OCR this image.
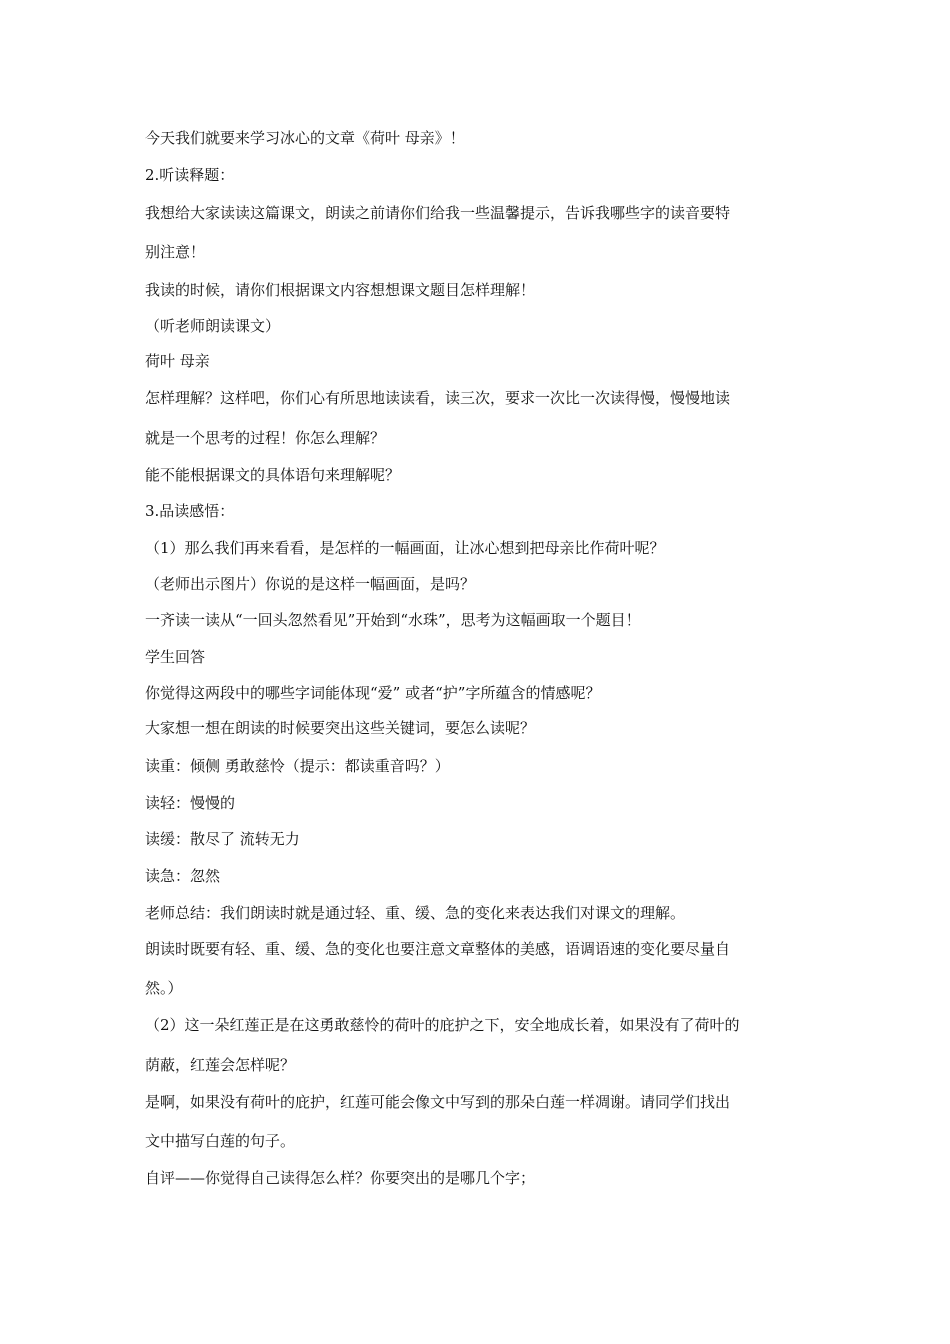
今天我们就要来学习冰心的文章《荷叶 母亲》！
2.听读释题：
我想给大家读读这篇课文，朗读之前请你们给我一些温馨提示，告诉我哪些字的读音要特
别注意！
我读的时候，请你们根据课文内容想想课文题目怎样理解！
（听老师朗读课文）
荷叶 母亲
怎样理解？这样吧，你们心有所思地读读看，读三次，要求一次比一次读得慢，慢慢地读
就是一个思考的过程！你怎么理解？
能不能根据课文的具体语句来理解呢？
3.品读感悟：
（1）那么我们再来看看，是怎样的一幅画面，让冰心想到把母亲比作荷叶呢？
（老师出示图片）你说的是这样一幅画面，是吗？
一齐读一读从“一回头忽然看见”开始到“水珠”，思考为这幅画取一个题目！
学生回答
你觉得这两段中的哪些字词能体现“爱” 或者“护”字所蕴含的情感呢？
大家想一想在朗读的时候要突出这些关键词，要怎么读呢？
读重：倾侧 勇敢慈怜（提示：都读重音吗？）
读轻：慢慢的
读缓：散尽了 流转无力
读急：忽然
老师总结：我们朗读时就是通过轻、重、缓、急的变化来表达我们对课文的理解。
朗读时既要有轻、重、缓、急的变化也要注意文章整体的美感，语调语速的变化要尽量自
然。）
（2）这一朵红莲正是在这勇敢慈怜的荷叶的庇护之下，安全地成长着，如果没有了荷叶的
荫蔽，红莲会怎样呢？
是啊，如果没有荷叶的庇护，红莲可能会像文中写到的那朵白莲一样凋谢。请同学们找出
文中描写白莲的句子。
自评——你觉得自己读得怎么样？你要突出的是哪几个字；
